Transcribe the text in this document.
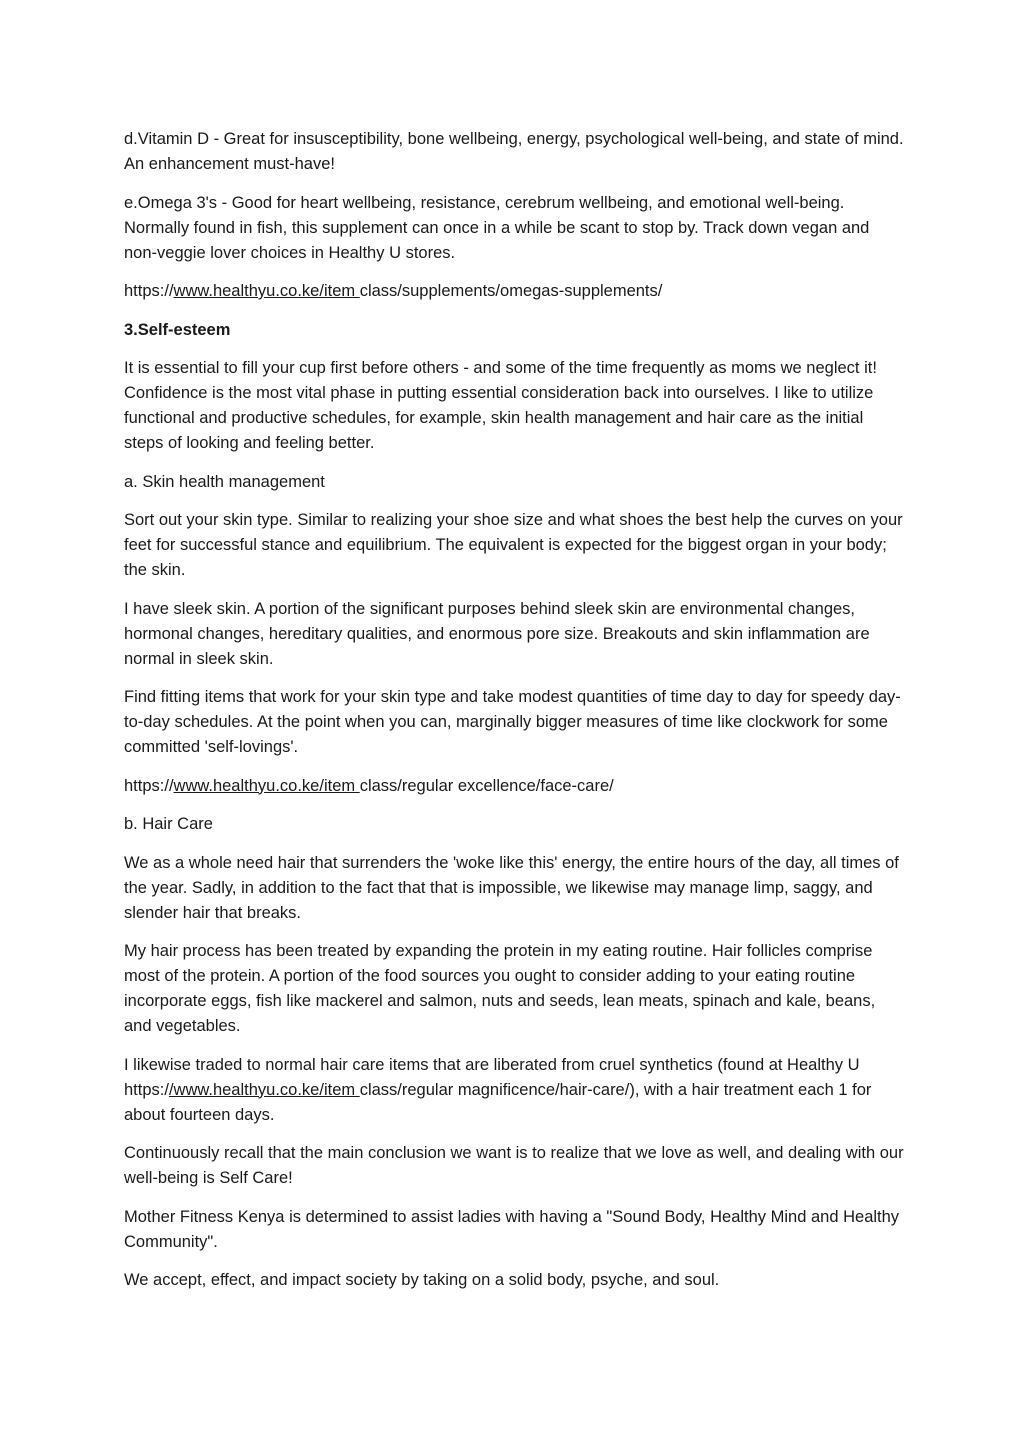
d.Vitamin D - Great for insusceptibility, bone wellbeing, energy, psychological well-being, and state of mind. An enhancement must-have!

e.Omega 3's - Good for heart wellbeing, resistance, cerebrum wellbeing, and emotional well-being. Normally found in fish, this supplement can once in a while be scant to stop by. Track down vegan and non-veggie lover choices in Healthy U stores.

https://www.healthyu.co.ke/item class/supplements/omegas-supplements/

3.Self-esteem

It is essential to fill your cup first before others - and some of the time frequently as moms we neglect it! Confidence is the most vital phase in putting essential consideration back into ourselves. I like to utilize functional and productive schedules, for example, skin health management and hair care as the initial steps of looking and feeling better.

a. Skin health management

Sort out your skin type. Similar to realizing your shoe size and what shoes the best help the curves on your feet for successful stance and equilibrium. The equivalent is expected for the biggest organ in your body; the skin.

I have sleek skin. A portion of the significant purposes behind sleek skin are environmental changes, hormonal changes, hereditary qualities, and enormous pore size. Breakouts and skin inflammation are normal in sleek skin.

Find fitting items that work for your skin type and take modest quantities of time day to day for speedy day-to-day schedules. At the point when you can, marginally bigger measures of time like clockwork for some committed 'self-lovings'.

https://www.healthyu.co.ke/item class/regular excellence/face-care/

b. Hair Care

We as a whole need hair that surrenders the 'woke like this' energy, the entire hours of the day, all times of the year. Sadly, in addition to the fact that that is impossible, we likewise may manage limp, saggy, and slender hair that breaks.

My hair process has been treated by expanding the protein in my eating routine. Hair follicles comprise most of the protein. A portion of the food sources you ought to consider adding to your eating routine incorporate eggs, fish like mackerel and salmon, nuts and seeds, lean meats, spinach and kale, beans, and vegetables.

I likewise traded to normal hair care items that are liberated from cruel synthetics (found at Healthy U https://www.healthyu.co.ke/item class/regular magnificence/hair-care/), with a hair treatment each 1 for about fourteen days.

Continuously recall that the main conclusion we want is to realize that we love as well, and dealing with our well-being is Self Care!

Mother Fitness Kenya is determined to assist ladies with having a "Sound Body, Healthy Mind and Healthy Community".

We accept, effect, and impact society by taking on a solid body, psyche, and soul.
